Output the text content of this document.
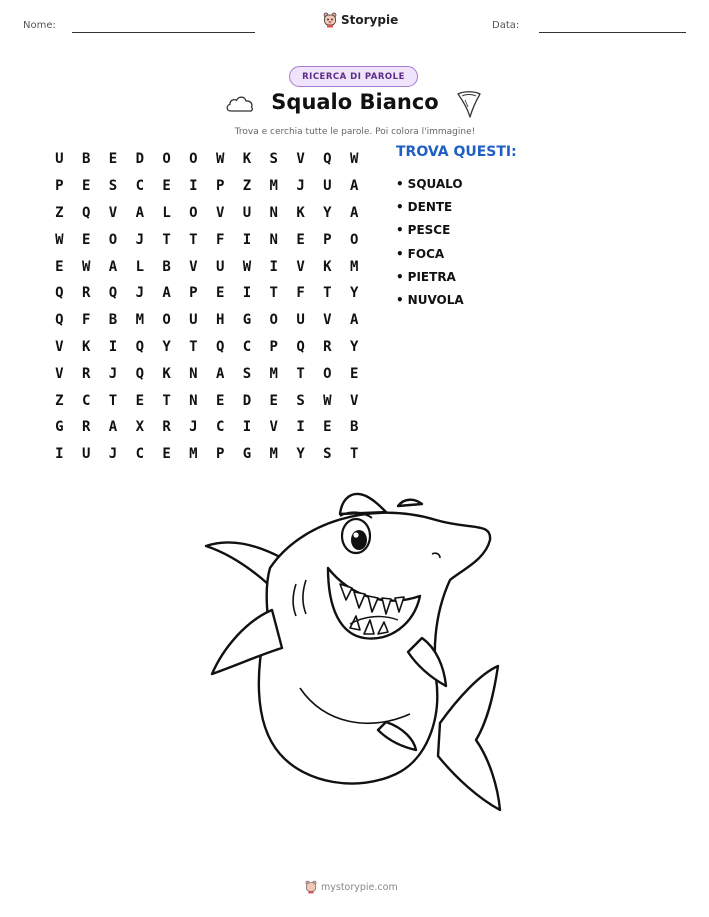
Nome:	Storypie	Data:
RICERCA DI PAROLE
Squalo Bianco
Trova e cerchia tutte le parole. Poi colora l'immagine!
U	B	E	D	O	O	W	K	S	V	Q	W
P	E	S	C	E	I	P	Z	M	J	U	A
Z	Q	V	A	L	O	V	U	N	K	Y	A
W	E	O	J	T	T	F	I	N	E	P	O
E	W	A	L	B	V	U	W	I	V	K	M
Q	R	Q	J	A	P	E	I	T	F	T	Y
Q	F	B	M	O	U	H	G	O	U	V	A
V	K	I	Q	Y	T	Q	C	P	Q	R	Y
V	R	J	Q	K	N	A	S	M	T	O	E
Z	C	T	E	T	N	E	D	E	S	W	V
G	R	A	X	R	J	C	I	V	I	E	B
I	U	J	C	E	M	P	G	M	Y	S	T
TROVA QUESTI:
• SQUALO
• DENTE
• PESCE
• FOCA
• PIETRA
• NUVOLA
mystorypie.com
